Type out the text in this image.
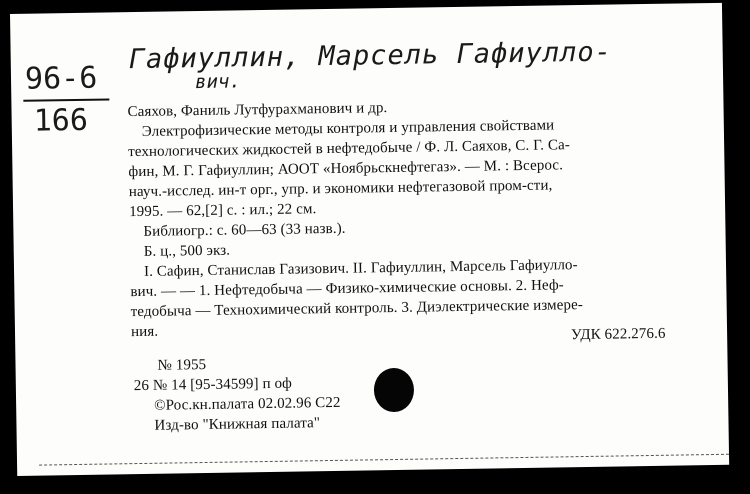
96-6
166
Гафиуллин, Марсель Гафиулло-
вич.
Саяхов, Фаниль Лутфурахманович и др.
Электрофизические методы контроля и управления свойствами
технологических жидкостей в нефтедобыче / Ф. Л. Саяхов, С. Г. Са-
фин, М. Г. Гафиуллин; АООТ «Ноябрьскнефтегаз». — М. : Всерос.
науч.-исслед. ин-т орг., упр. и экономики нефтегазовой пром-сти,
1995. — 62,[2] с. : ил.; 22 см.
Библиогр.: с. 60—63 (33 назв.).
Б. ц., 500 экз.
I. Сафин, Станислав Газизович. II. Гафиуллин, Марсель Гафиулло-
вич. — — 1. Нефтедобыча — Физико-химические основы. 2. Неф-
тедобыча — Технохимический контроль. 3. Диэлектрические измере-
ния.	УДК 622.276.6
№ 1955
26 № 14 [95-34599] п оф
©Рос.кн.палата 02.02.96 С22
Изд-во "Книжная палата"
